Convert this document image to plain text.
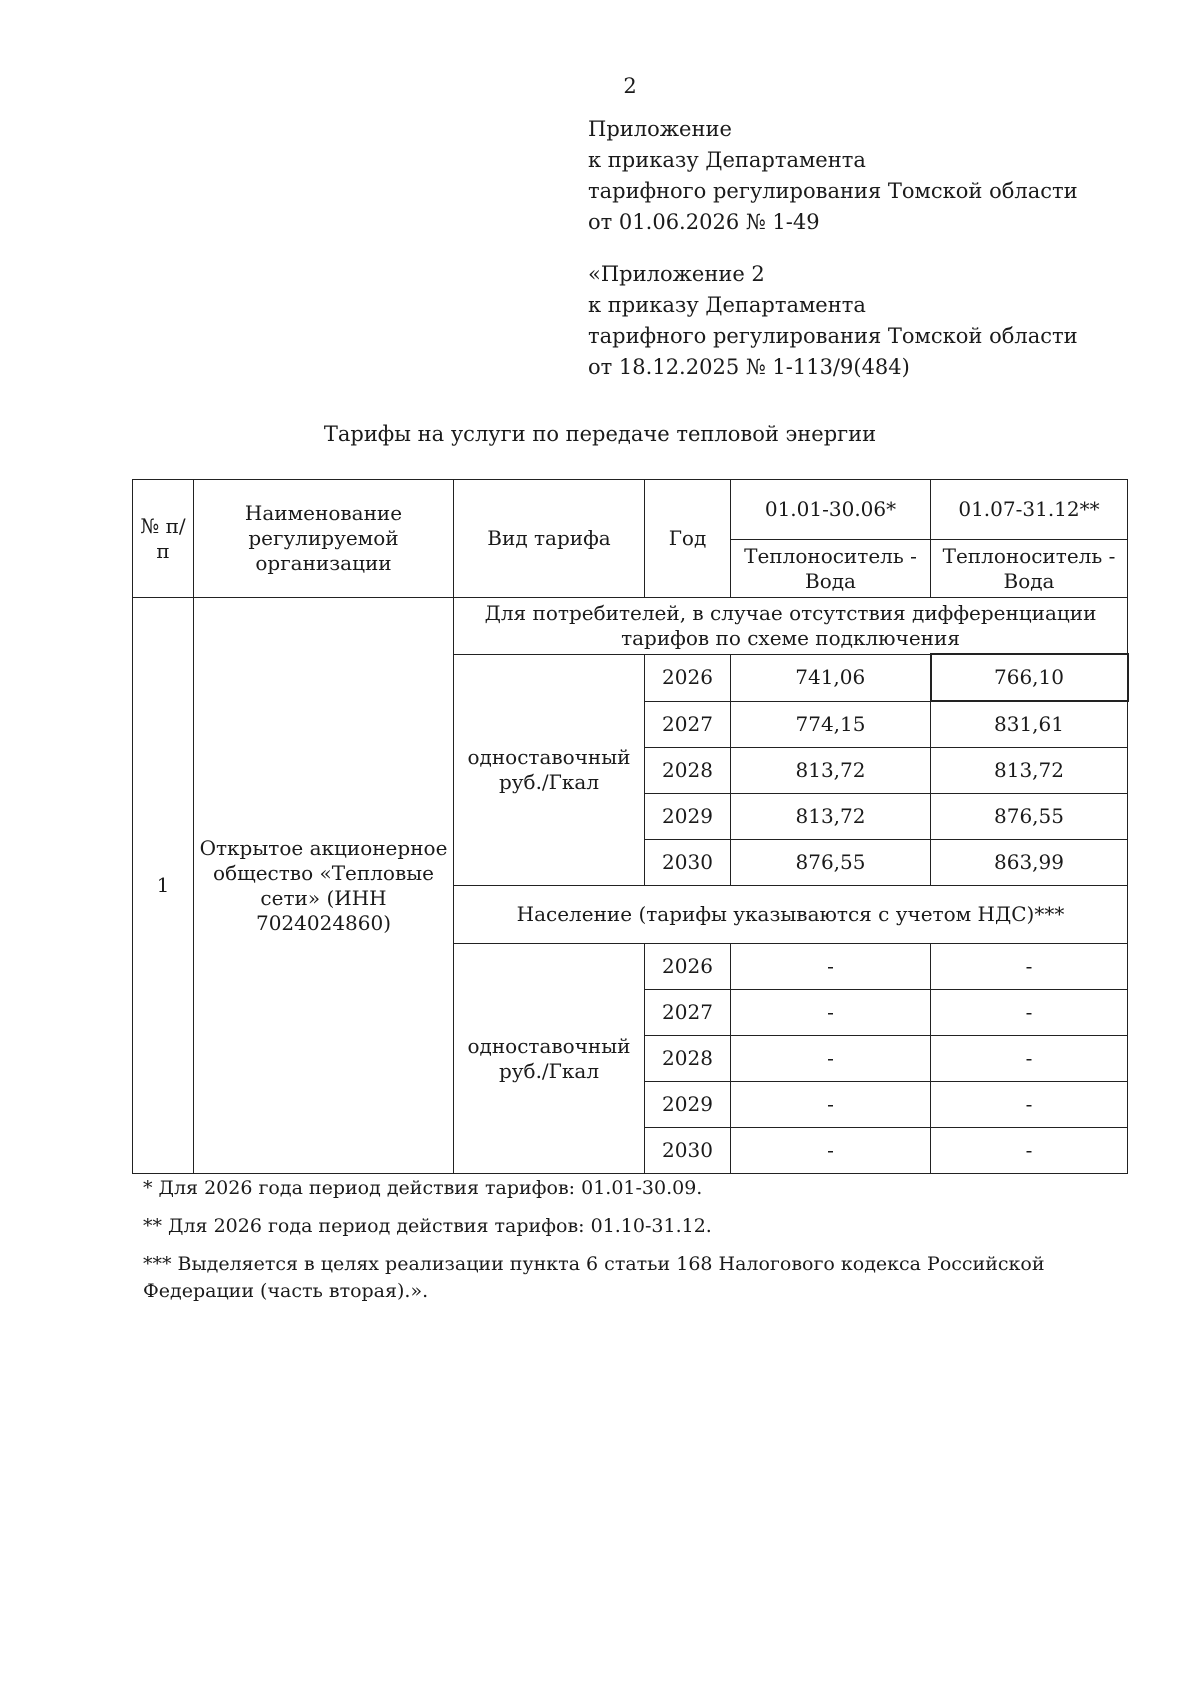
2
Приложение
к приказу Департамента
тарифного регулирования Томской области
от 01.06.2026 № 1-49
«Приложение 2
к приказу Департамента
тарифного регулирования Томской области
от 18.12.2025 № 1-113/9(484)
Тарифы на услуги по передаче тепловой энергии
№ п/п	Наименование регулируемой организации	Вид тарифа	Год	01.01-30.06*	01.07-31.12**
				Теплоноситель - Вода	Теплоноситель - Вода
1	Открытое акционерное общество «Тепловые сети» (ИНН 7024024860)	Для потребителей, в случае отсутствия дифференциации тарифов по схеме подключения			
		одноставочный руб./Гкал	2026	741,06	766,10
			2027	774,15	831,61
			2028	813,72	813,72
			2029	813,72	876,55
			2030	876,55	863,99
		Население (тарифы указываются с учетом НДС)***			
		одноставочный руб./Гкал	2026	-	-
			2027	-	-
			2028	-	-
			2029	-	-
			2030	-	-

* Для 2026 года период действия тарифов: 01.01-30.09.

** Для 2026 года период действия тарифов: 01.10-31.12.

*** Выделяется в целях реализации пункта 6 статьи 168 Налогового кодекса Российской Федерации (часть вторая).».
